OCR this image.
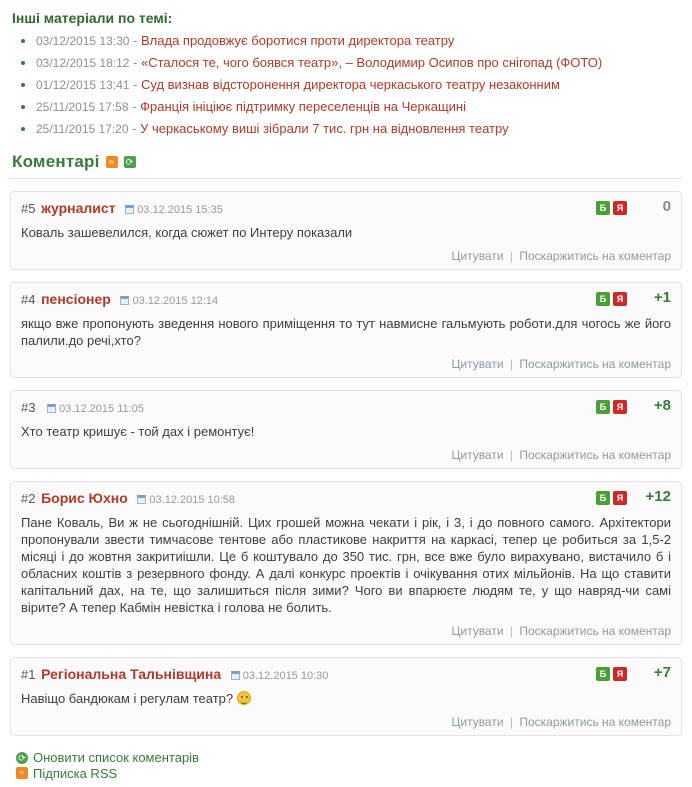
Інші матеріали по темі:
• 03/12/2015 13:30 - Влада продовжує боротися проти директора театру
• 03/12/2015 18:12 - «Сталося те, чого боявся театр», – Володимир Осипов про снігопад (ФОТО)
• 01/12/2015 13:41 - Суд визнав відсторонення директора черкаського театру незаконним
• 25/11/2015 17:58 - Франція ініціює підтримку переселенців на Черкащині
• 25/11/2015 17:20 - У черкаському виші зібрали 7 тис. грн на відновлення театру
Коментарі	≈	⟳
#5 журналист 03.12.2015 15:35	Б	Я	0
Коваль зашевелился, когда сюжет по Интеру показали
Цитувати | Поскаржитись на коментар
#4 пенсіонер 03.12.2015 12:14	Б	Я	+1
якщо вже пропонують зведення нового приміщення то тут навмисне гальмують роботи.для чогось же його палили.до речі,хто?
Цитувати | Поскаржитись на коментар
#3 03.12.2015 11:05	Б	Я	+8
Хто театр кришує - той дах і ремонтує!
Цитувати | Поскаржитись на коментар
#2 Борис Юхно 03.12.2015 10:58	Б	Я	+12
Пане Коваль, Ви ж не сьогоднішній. Цих грошей можна чекати і рік, і 3, і до повного самого. Архітектори пропонували звести тимчасове тентове або пластикове накриття на каркасі, тепер це робиться за 1,5-2 місяці і до жовтня закритиішли. Це б коштувало до 350 тис. грн, все вже було вирахувано, вистачило б і обласних коштів з резервного фонду. А далі конкурс проектів і очікування отих мільйонів. На що ставити капітальний дах, на те, що залишиться після зими? Чого ви впарюєте людям те, у що навряд-чи самі вірите? А тепер Кабмін невістка і голова не болить.
Цитувати | Поскаржитись на коментар
#1 Регіональна Тальнівщина 03.12.2015 10:30	Б	Я	+7
Навіщо бандюкам і регулам театр?
Цитувати | Поскаржитись на коментар
⟳ Оновити список коментарів
≈ Підписка RSS
